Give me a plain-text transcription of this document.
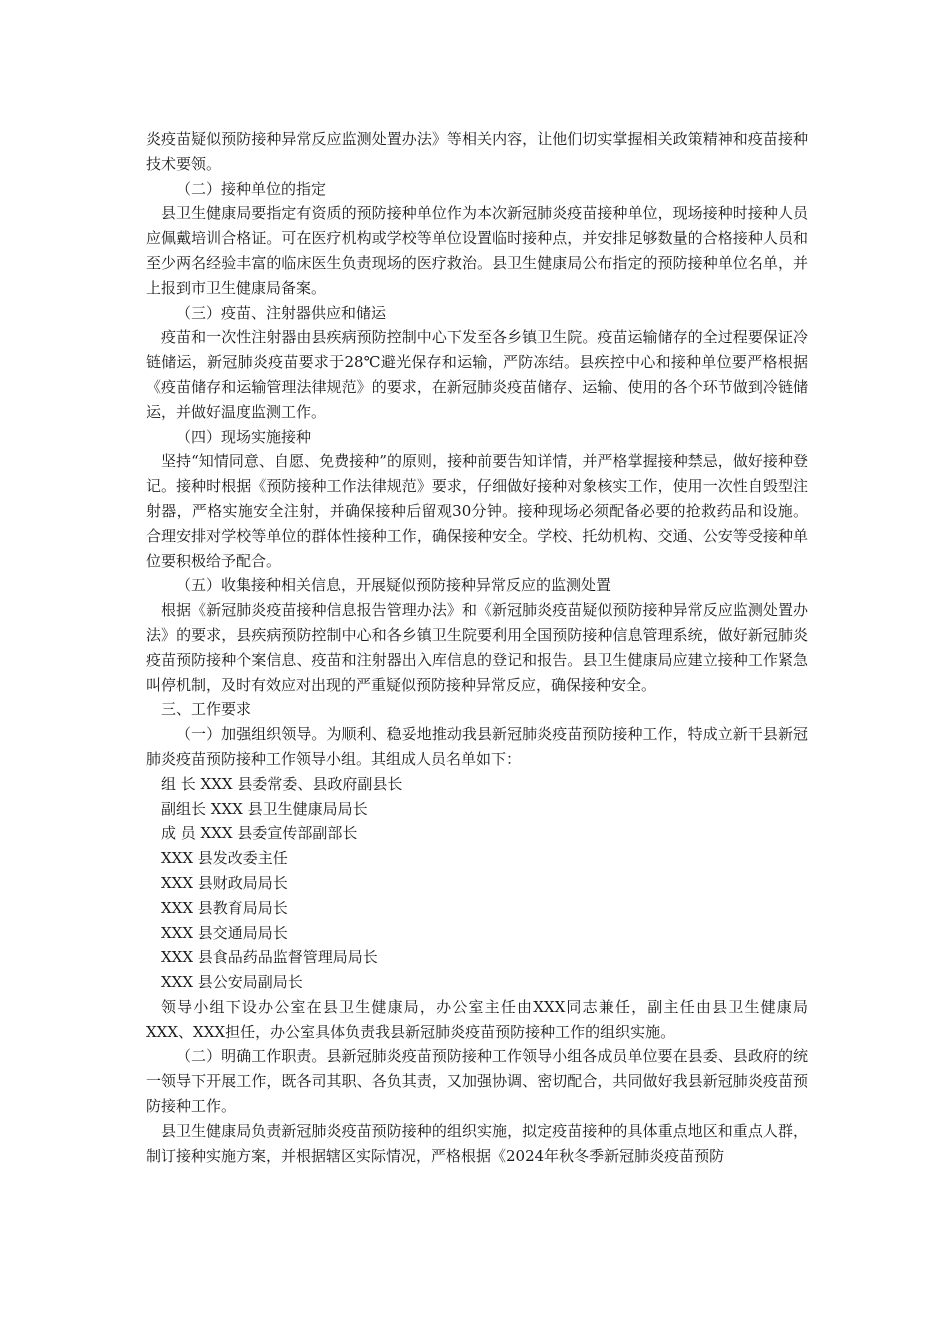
炎疫苗疑似预防接种异常反应监测处置办法》等相关内容，让他们切实掌握相关政策精神和疫苗接种技术要领。

（二）接种单位的指定

县卫生健康局要指定有资质的预防接种单位作为本次新冠肺炎疫苗接种单位，现场接种时接种人员应佩戴培训合格证。可在医疗机构或学校等单位设置临时接种点，并安排足够数量的合格接种人员和至少两名经验丰富的临床医生负责现场的医疗救治。县卫生健康局公布指定的预防接种单位名单，并上报到市卫生健康局备案。

（三）疫苗、注射器供应和储运

疫苗和一次性注射器由县疾病预防控制中心下发至各乡镇卫生院。疫苗运输储存的全过程要保证冷链储运，新冠肺炎疫苗要求于28℃避光保存和运输，严防冻结。县疾控中心和接种单位要严格根据《疫苗储存和运输管理法律规范》的要求，在新冠肺炎疫苗储存、运输、使用的各个环节做到冷链储运，并做好温度监测工作。

（四）现场实施接种

坚持“知情同意、自愿、免费接种”的原则，接种前要告知详情，并严格掌握接种禁忌，做好接种登记。接种时根据《预防接种工作法律规范》要求，仔细做好接种对象核实工作，使用一次性自毁型注射器，严格实施安全注射，并确保接种后留观30分钟。接种现场必须配备必要的抢救药品和设施。合理安排对学校等单位的群体性接种工作，确保接种安全。学校、托幼机构、交通、公安等受接种单位要积极给予配合。

（五）收集接种相关信息，开展疑似预防接种异常反应的监测处置

根据《新冠肺炎疫苗接种信息报告管理办法》和《新冠肺炎疫苗疑似预防接种异常反应监测处置办法》的要求，县疾病预防控制中心和各乡镇卫生院要利用全国预防接种信息管理系统，做好新冠肺炎疫苗预防接种个案信息、疫苗和注射器出入库信息的登记和报告。县卫生健康局应建立接种工作紧急叫停机制，及时有效应对出现的严重疑似预防接种异常反应，确保接种安全。

三、工作要求

（一）加强组织领导。为顺利、稳妥地推动我县新冠肺炎疫苗预防接种工作，特成立新干县新冠肺炎疫苗预防接种工作领导小组。其组成人员名单如下：

组 长 XXX 县委常委、县政府副县长

副组长 XXX 县卫生健康局局长

成 员 XXX 县委宣传部副部长

XXX 县发改委主任

XXX 县财政局局长

XXX 县教育局局长

XXX 县交通局局长

XXX 县食品药品监督管理局局长

XXX 县公安局副局长

领导小组下设办公室在县卫生健康局，办公室主任由XXX同志兼任，副主任由县卫生健康局XXX、XXX担任，办公室具体负责我县新冠肺炎疫苗预防接种工作的组织实施。

（二）明确工作职责。县新冠肺炎疫苗预防接种工作领导小组各成员单位要在县委、县政府的统一领导下开展工作，既各司其职、各负其责，又加强协调、密切配合，共同做好我县新冠肺炎疫苗预防接种工作。

县卫生健康局负责新冠肺炎疫苗预防接种的组织实施，拟定疫苗接种的具体重点地区和重点人群，制订接种实施方案，并根据辖区实际情况，严格根据《2024年秋冬季新冠肺炎疫苗预防
